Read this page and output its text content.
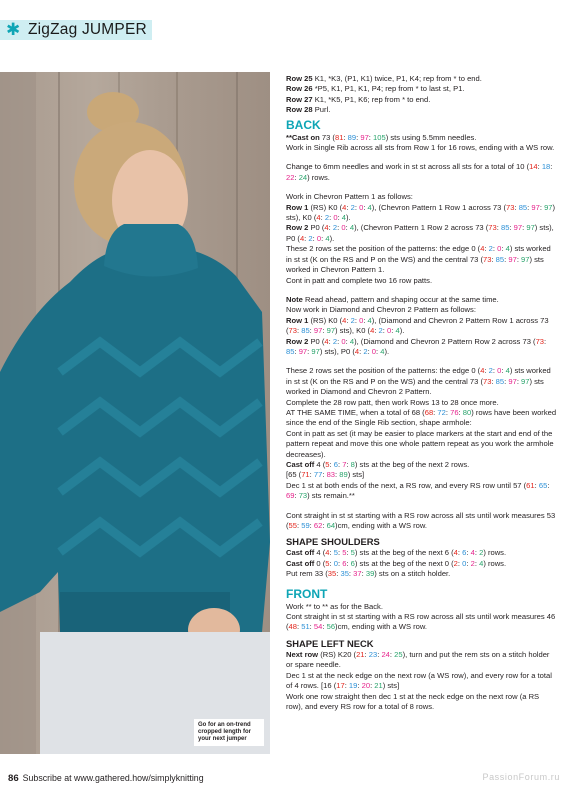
✱ ZigZag JUMPER
Go for an on-trend
cropped length for
your next jumper

Row 25 K1, *K3, (P1, K1) twice, P1, K4; rep from * to end.

Row 26 *P5, K1, P1, K1, P4; rep from * to last st, P1.

Row 27 K1, *K5, P1, K6; rep from * to end.

Row 28 Purl.

BACK

**Cast on 73 (81: 89: 97: 105) sts using 5.5mm needles.

Work in Single Rib across all sts from Row 1 for 16 rows, ending with a WS row.

Change to 6mm needles and work in st st across all sts for a total of 10 (14: 18: 22: 24) rows.

Work in Chevron Pattern 1 as follows:

Row 1 (RS) K0 (4: 2: 0: 4), (Chevron Pattern 1 Row 1 across 73 (73: 85: 97: 97) sts), K0 (4: 2: 0: 4).

Row 2 P0 (4: 2: 0: 4), (Chevron Pattern 1 Row 2 across 73 (73: 85: 97: 97) sts), P0 (4: 2: 0: 4).

These 2 rows set the position of the patterns: the edge 0 (4: 2: 0: 4) sts worked in st st (K on the RS and P on the WS) and the central 73 (73: 85: 97: 97) sts worked in Chevron Pattern 1.

Cont in patt and complete two 16 row patts.

Note Read ahead, pattern and shaping occur at the same time.

Now work in Diamond and Chevron 2 Pattern as follows:

Row 1 (RS) K0 (4: 2: 0: 4), (Diamond and Chevron 2 Pattern Row 1 across 73 (73: 85: 97: 97) sts), K0 (4: 2: 0: 4).

Row 2 P0 (4: 2: 0: 4), (Diamond and Chevron 2 Pattern Row 2 across 73 (73: 85: 97: 97) sts), P0 (4: 2: 0: 4).

These 2 rows set the position of the patterns: the edge 0 (4: 2: 0: 4) sts worked in st st (K on the RS and P on the WS) and the central 73 (73: 85: 97: 97) sts worked in Diamond and Chevron 2 Pattern.

Complete the 28 row patt, then work Rows 13 to 28 once more.

AT THE SAME TIME, when a total of 68 (68: 72: 76: 80) rows have been worked since the end of the Single Rib section, shape armhole:

Cont in patt as set (it may be easier to place markers at the start and end of the pattern repeat and move this one whole pattern repeat as you work the armhole decreases).

Cast off 4 (5: 6: 7: 8) sts at the beg of the next 2 rows.

[65 (71: 77: 83: 89) sts]

Dec 1 st at both ends of the next, a RS row, and every RS row until 57 (61: 65: 69: 73) sts remain.**

Cont straight in st st starting with a RS row across all sts until work measures 53 (55: 59: 62: 64)cm, ending with a WS row.

SHAPE SHOULDERS

Cast off 4 (4: 5: 5: 5) sts at the beg of the next 6 (4: 6: 4: 2) rows.

Cast off 0 (5: 0: 6: 6) sts at the beg of the next 0 (2: 0: 2: 4) rows.

Put rem 33 (35: 35: 37: 39) sts on a stitch holder.

FRONT

Work ** to ** as for the Back.

Cont straight in st st starting with a RS row across all sts until work measures 46 (48: 51: 54: 56)cm, ending with a WS row.

SHAPE LEFT NECK

Next row (RS) K20 (21: 23: 24: 25), turn and put the rem sts on a stitch holder or spare needle.

Dec 1 st at the neck edge on the next row (a WS row), and every row for a total of 4 rows. [16 (17: 19: 20: 21) sts]

Work one row straight then dec 1 st at the neck edge on the next row (a RS row), and every RS row for a total of 8 rows.

86 Subscribe at www.gathered.how/simplyknitting	PassionForum.ru
